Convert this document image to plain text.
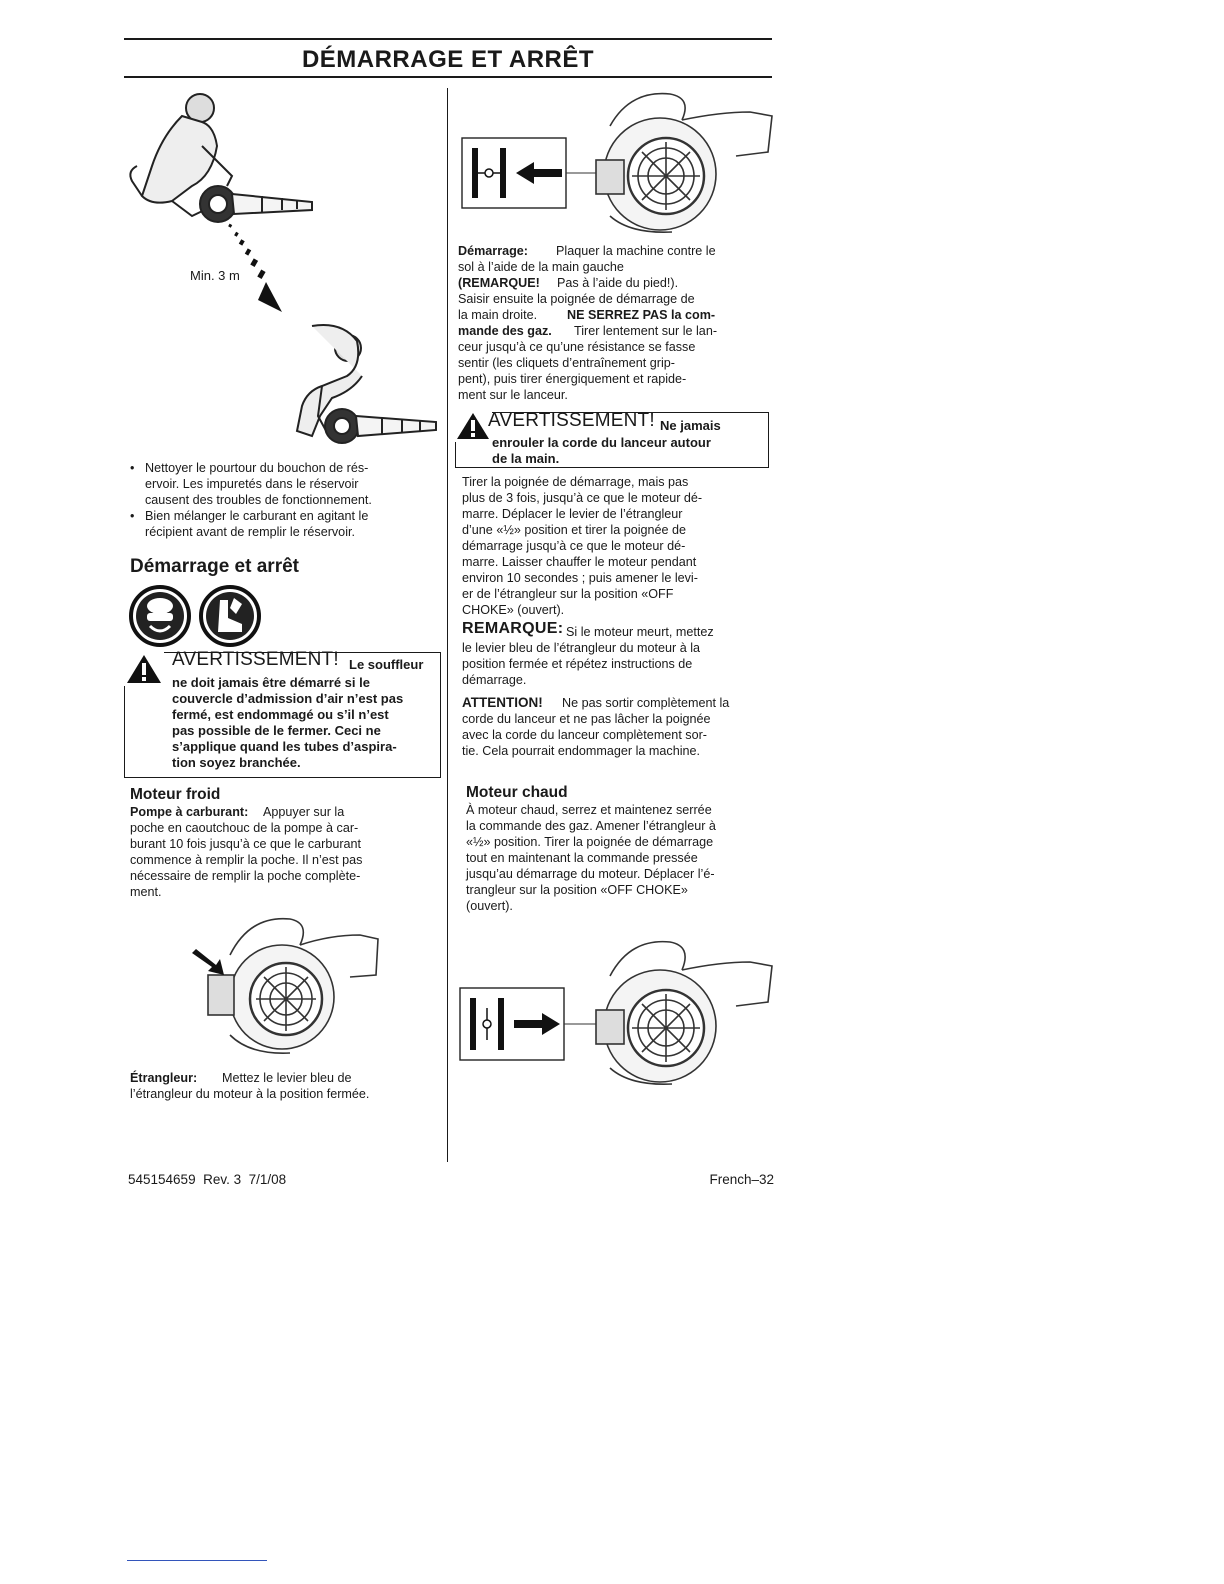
DÉMARRAGE ET ARRÊT
Min. 3 m
• Nettoyer le pourtour du bouchon de rés-
ervoir. Les impuretés dans le réservoir
causent des troubles de fonctionnement.
• Bien mélanger le carburant en agitant le
récipient avant de remplir le réservoir.
Démarrage et arrêt
AVERTISSEMENT! Le souffleur
ne doit jamais être démarré si le
couvercle d’admission d’air n’est pas
fermé, est endommagé ou s’il n’est
pas possible de le fermer. Ceci ne
s’applique quand les tubes d’aspira-
tion soyez branchée.
Moteur froid
Pompe à carburant: Appuyer sur la
poche en caoutchouc de la pompe à car-
burant 10 fois jusqu’à ce que le carburant
commence à remplir la poche. Il n’est pas
nécessaire de remplir la poche complète-
ment.
Étrangleur: Mettez le levier bleu de
l’étrangleur du moteur à la position fermée.
Démarrage: Plaquer la machine contre le
sol à l’aide de la main gauche
(REMARQUE! Pas à l’aide du pied!).
Saisir ensuite la poignée de démarrage de
la main droite. NE SERREZ PAS la com-
mande des gaz. Tirer lentement sur le lan-
ceur jusqu’à ce qu’une résistance se fasse
sentir (les cliquets d’entraînement grip-
pent), puis tirer énergiquement et rapide-
ment sur le lanceur.
AVERTISSEMENT! Ne jamais
enrouler la corde du lanceur autour
de la main.
Tirer la poignée de démarrage, mais pas
plus de 3 fois, jusqu’à ce que le moteur dé-
marre. Déplacer le levier de l’étrangleur
d’une «½» position et tirer la poignée de
démarrage jusqu’à ce que le moteur dé-
marre. Laisser chauffer le moteur pendant
environ 10 secondes ; puis amener le levi-
er de l’étrangleur sur la position «OFF
CHOKE» (ouvert).
REMARQUE: Si le moteur meurt, mettez
le levier bleu de l’étrangleur du moteur à la
position fermée et répétez instructions de
démarrage.
ATTENTION! Ne pas sortir complètement la
corde du lanceur et ne pas lâcher la poignée
avec la corde du lanceur complètement sor-
tie. Cela pourrait endommager la machine.
Moteur chaud
À moteur chaud, serrez et maintenez serrée
la commande des gaz. Amener l’étrangleur à
«½» position. Tirer la poignée de démarrage
tout en maintenant la commande pressée
jusqu’au démarrage du moteur. Déplacer l’é-
trangleur sur la position «OFF CHOKE»
(ouvert).
545154659  Rev. 3  7/1/08	French–32
